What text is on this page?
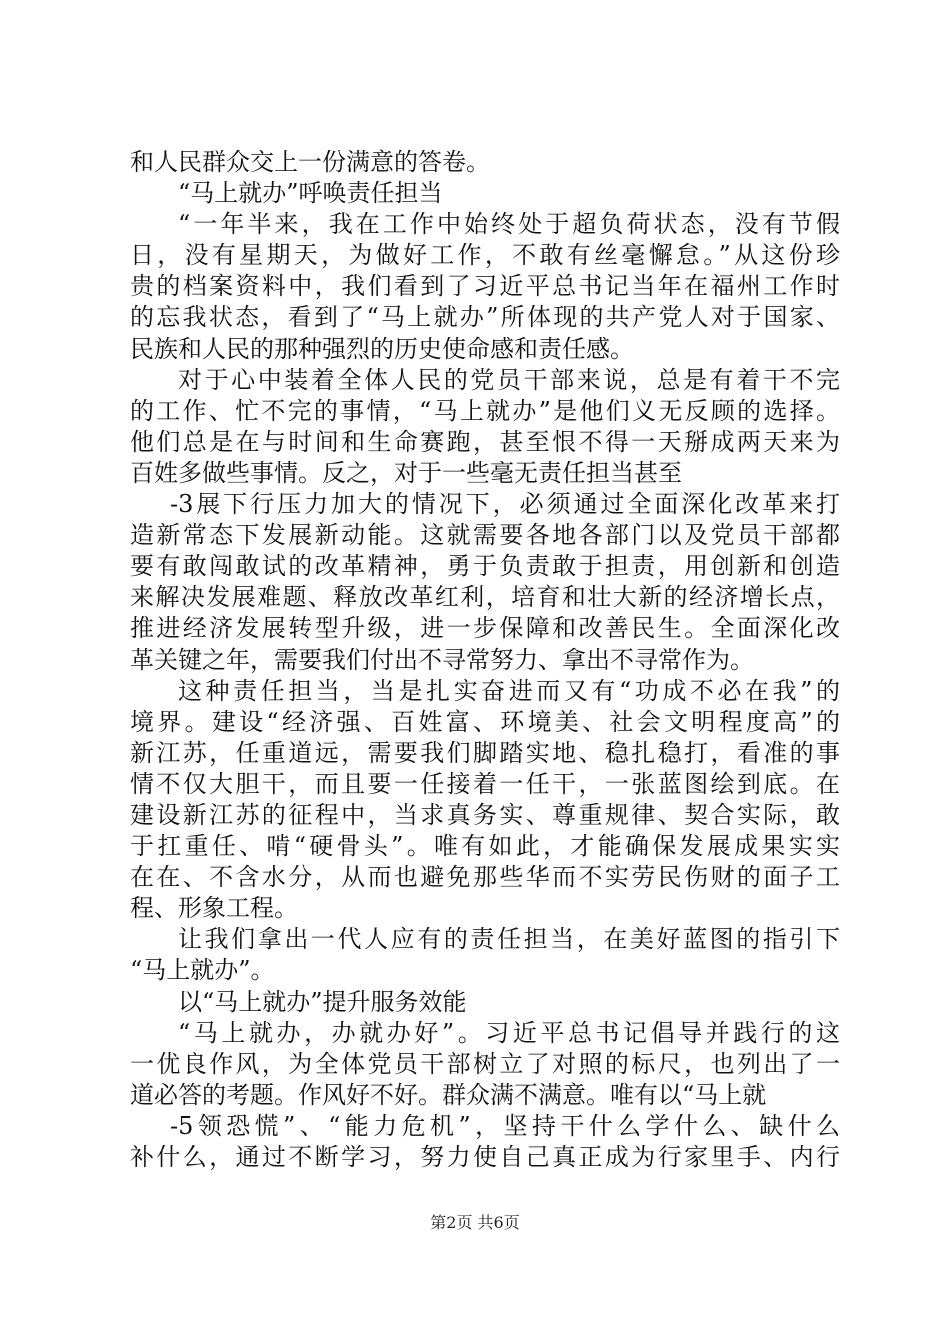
和人民群众交上一份满意的答卷。
“马上就办”呼唤责任担当
“一年半来，我在工作中始终处于超负荷状态，没有节假
日，没有星期天，为做好工作，不敢有丝毫懈怠。”从这份珍
贵的档案资料中，我们看到了习近平总书记当年在福州工作时
的忘我状态，看到了“马上就办”所体现的共产党人对于国家、
民族和人民的那种强烈的历史使命感和责任感。
对于心中装着全体人民的党员干部来说，总是有着干不完
的工作、忙不完的事情，“马上就办”是他们义无反顾的选择。
他们总是在与时间和生命赛跑，甚至恨不得一天掰成两天来为
百姓多做些事情。反之，对于一些毫无责任担当甚至
-3展下行压力加大的情况下，必须通过全面深化改革来打
造新常态下发展新动能。这就需要各地各部门以及党员干部都
要有敢闯敢试的改革精神，勇于负责敢于担责，用创新和创造
来解决发展难题、释放改革红利，培育和壮大新的经济增长点，
推进经济发展转型升级，进一步保障和改善民生。全面深化改
革关键之年，需要我们付出不寻常努力、拿出不寻常作为。
这种责任担当，当是扎实奋进而又有“功成不必在我”的
境界。建设“经济强、百姓富、环境美、社会文明程度高”的
新江苏，任重道远，需要我们脚踏实地、稳扎稳打，看准的事
情不仅大胆干，而且要一任接着一任干，一张蓝图绘到底。在
建设新江苏的征程中，当求真务实、尊重规律、契合实际，敢
于扛重任、啃“硬骨头”。唯有如此，才能确保发展成果实实
在在、不含水分，从而也避免那些华而不实劳民伤财的面子工
程、形象工程。
让我们拿出一代人应有的责任担当，在美好蓝图的指引下
“马上就办”。
以“马上就办”提升服务效能
“马上就办，办就办好”。习近平总书记倡导并践行的这
一优良作风，为全体党员干部树立了对照的标尺，也列出了一
道必答的考题。作风好不好。群众满不满意。唯有以“马上就
-5领恐慌”、“能力危机”，坚持干什么学什么、缺什么
补什么，通过不断学习，努力使自己真正成为行家里手、内行
第2页 共6页
